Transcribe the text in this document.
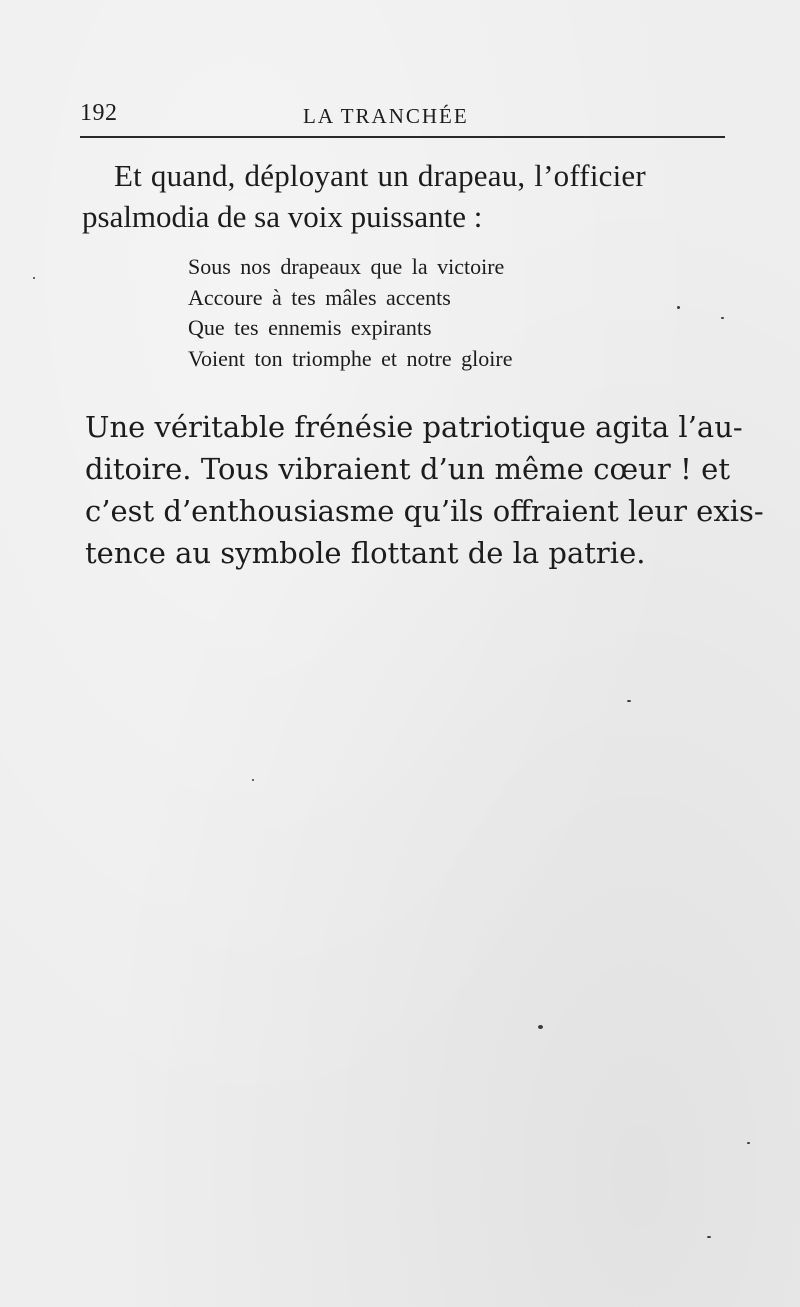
192	LA TRANCHÉE

Et quand, déployant un drapeau, l’officier
psalmodia de sa voix puissante :

Sous nos drapeaux que la victoire
Accoure à tes mâles accents
Que tes ennemis expirants
Voient ton triomphe et notre gloire

Une véritable frénésie patriotique agita l’au-
ditoire. Tous vibraient d’un même cœur ! et
c’est d’enthousiasme qu’ils offraient leur exis-
tence au symbole flottant de la patrie.
